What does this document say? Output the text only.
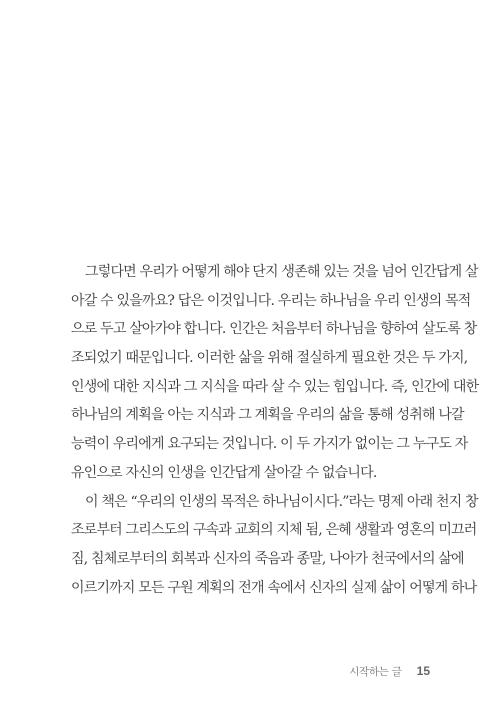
그렇다면 우리가 어떻게 해야 단지 생존해 있는 것을 넘어 인간답게 살
아갈 수 있을까요? 답은 이것입니다. 우리는 하나님을 우리 인생의 목적
으로 두고 살아가야 합니다. 인간은 처음부터 하나님을 향하여 살도록 창
조되었기 때문입니다. 이러한 삶을 위해 절실하게 필요한 것은 두 가지,
인생에 대한 지식과 그 지식을 따라 살 수 있는 힘입니다. 즉, 인간에 대한
하나님의 계획을 아는 지식과 그 계획을 우리의 삶을 통해 성취해 나갈
능력이 우리에게 요구되는 것입니다. 이 두 가지가 없이는 그 누구도 자
유인으로 자신의 인생을 인간답게 살아갈 수 없습니다.
이 책은 “우리의 인생의 목적은 하나님이시다.”라는 명제 아래 천지 창
조로부터 그리스도의 구속과 교회의 지체 됨, 은혜 생활과 영혼의 미끄러
짐, 침체로부터의 회복과 신자의 죽음과 종말, 나아가 천국에서의 삶에
이르기까지 모든 구원 계획의 전개 속에서 신자의 실제 삶이 어떻게 하나
시작하는 글 15
